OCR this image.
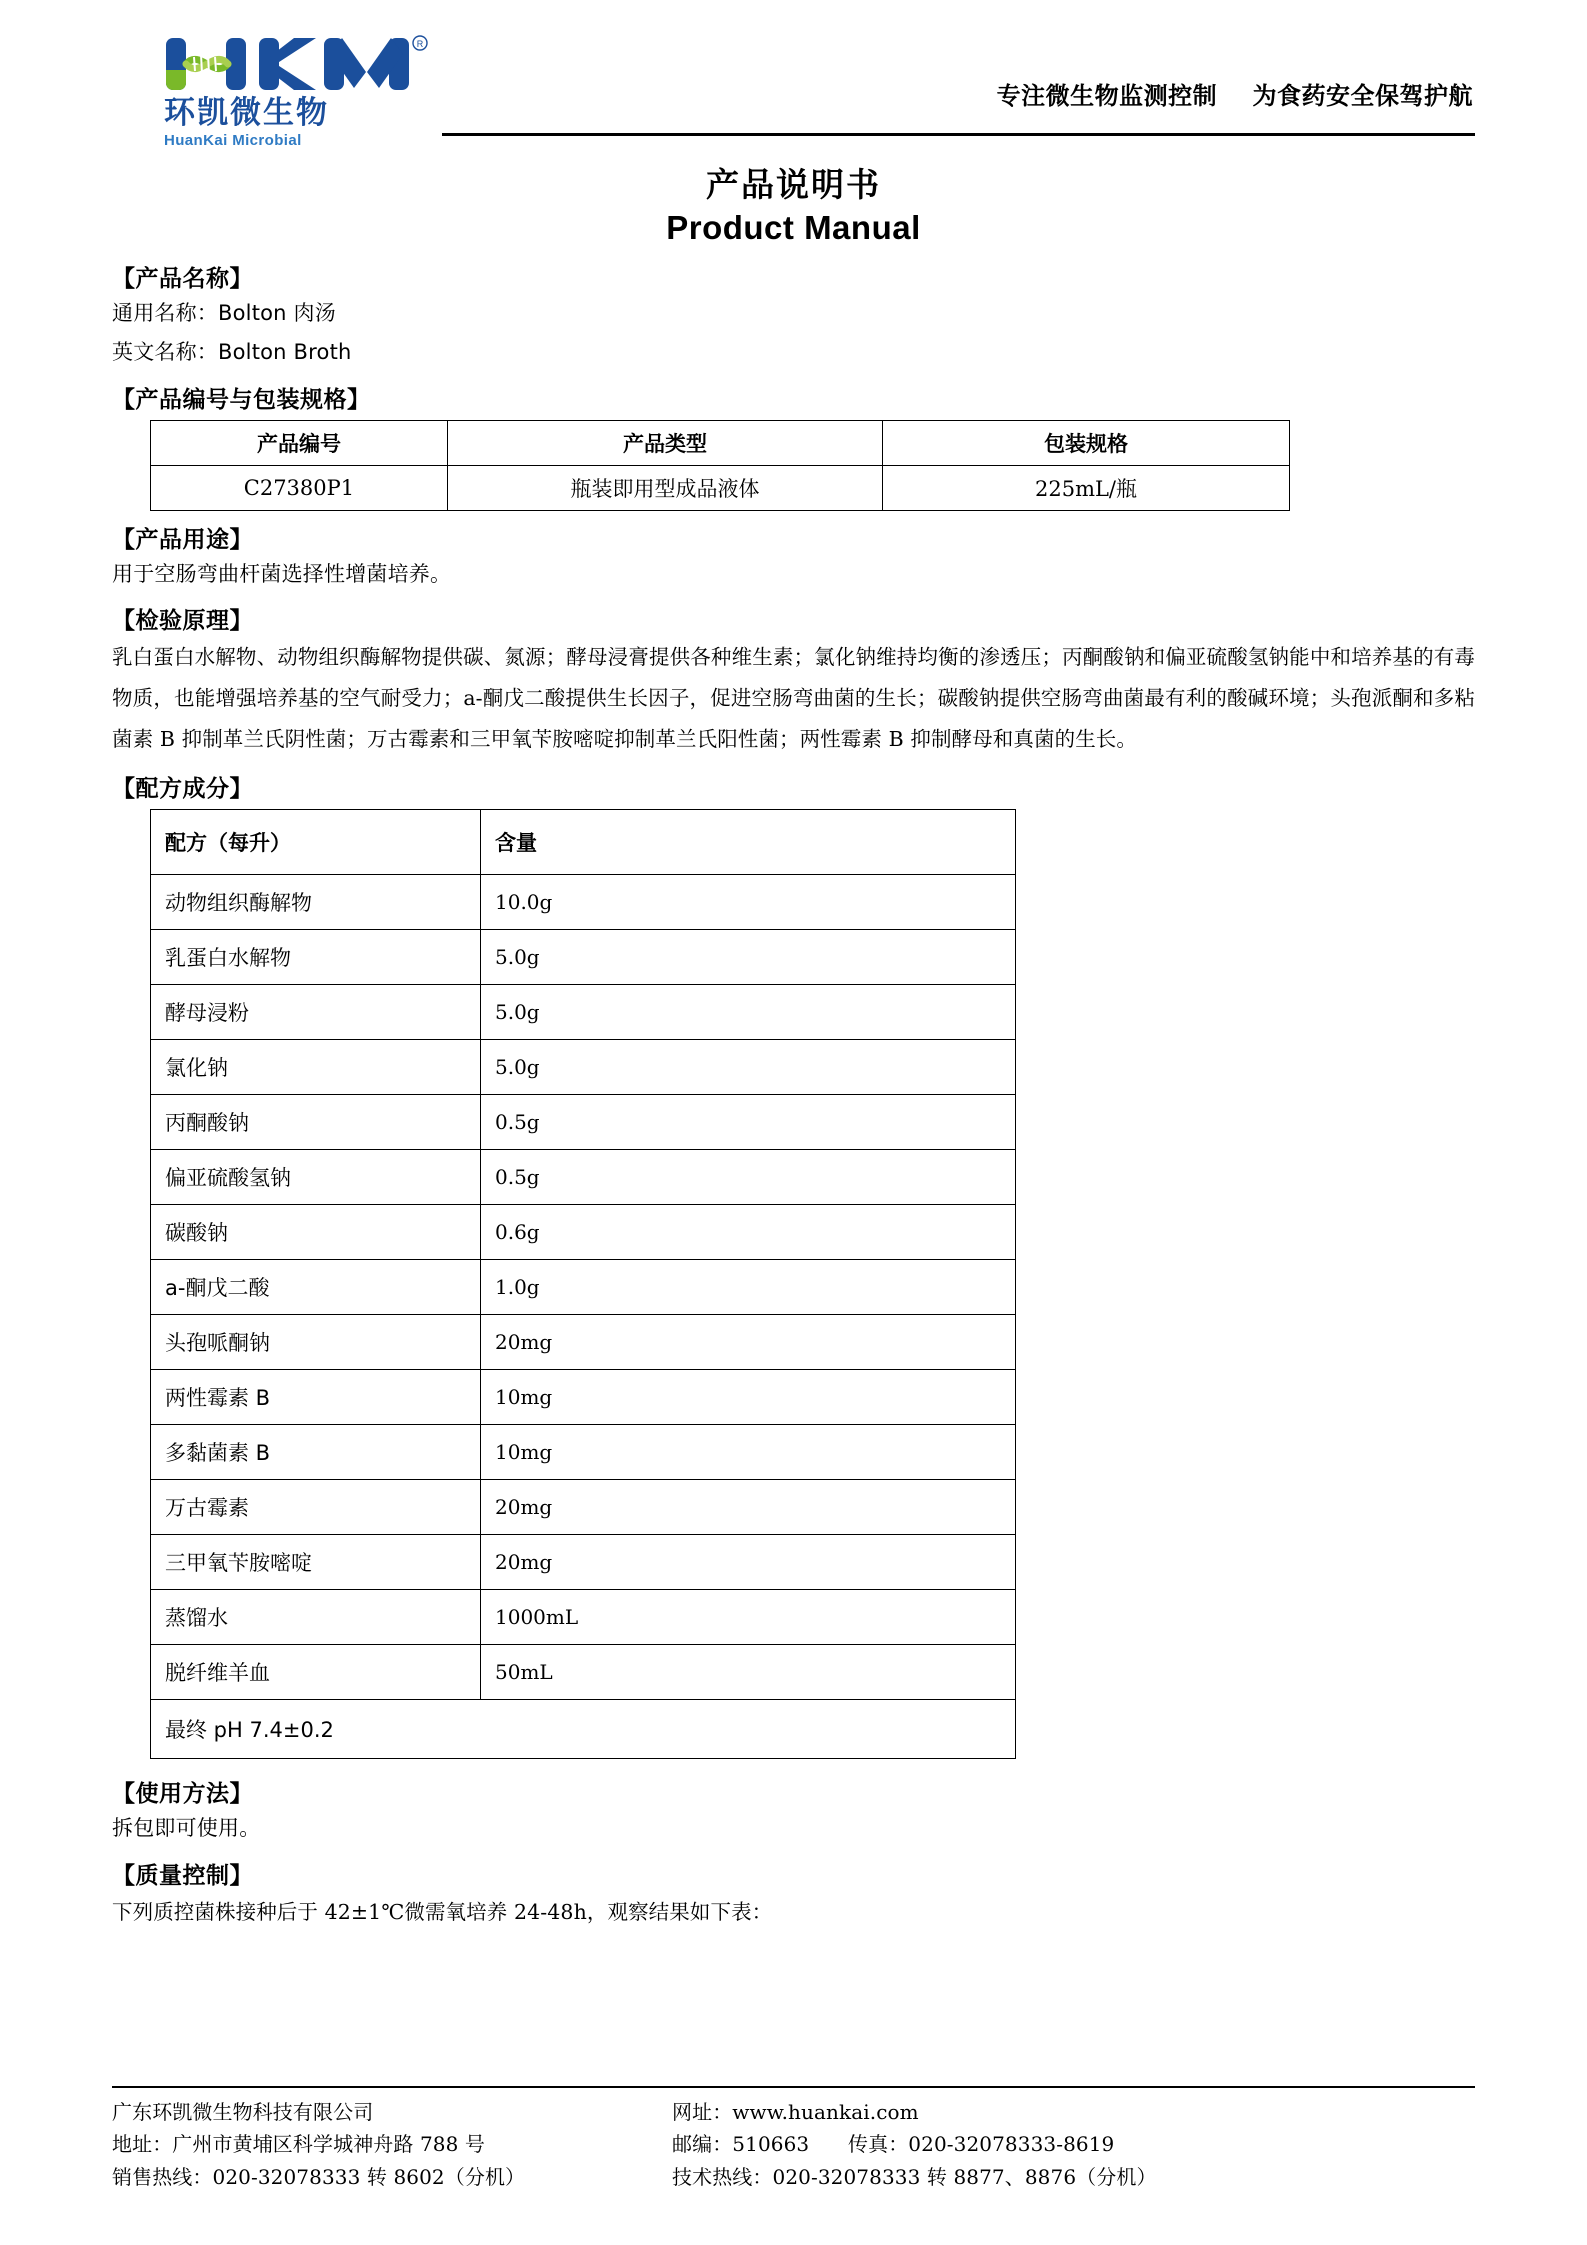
R
环凯微生物
HuanKai Microbial
专注微生物监测控制    为食药安全保驾护航
产品说明书
Product Manual
【产品名称】
通用名称：Bolton 肉汤
英文名称：Bolton Broth
【产品编号与包装规格】
产品编号	产品类型	包装规格
C27380P1	瓶装即用型成品液体	225mL/瓶
【产品用途】
用于空肠弯曲杆菌选择性增菌培养。
【检验原理】
乳白蛋白水解物、动物组织酶解物提供碳、氮源；酵母浸膏提供各种维生素；氯化钠维持均衡的渗透压；丙酮酸钠和偏亚硫酸氢钠能中和培养基的有毒物质，也能增强培养基的空气耐受力；a-酮戊二酸提供生长因子，促进空肠弯曲菌的生长；碳酸钠提供空肠弯曲菌最有利的酸碱环境；头孢派酮和多粘菌素 B 抑制革兰氏阴性菌；万古霉素和三甲氧苄胺嘧啶抑制革兰氏阳性菌；两性霉素 B 抑制酵母和真菌的生长。
【配方成分】
配方（每升）	含量
动物组织酶解物	10.0g
乳蛋白水解物	5.0g
酵母浸粉	5.0g
氯化钠	5.0g
丙酮酸钠	0.5g
偏亚硫酸氢钠	0.5g
碳酸钠	0.6g
a-酮戊二酸	1.0g
头孢哌酮钠	20mg
两性霉素 B	10mg
多黏菌素 B	10mg
万古霉素	20mg
三甲氧苄胺嘧啶	20mg
蒸馏水	1000mL
脱纤维羊血	50mL
最终 pH 7.4±0.2	
【使用方法】
拆包即可使用。
【质量控制】
下列质控菌株接种后于 42±1℃微需氧培养 24-48h，观察结果如下表：
广东环凯微生物科技有限公司
地址：广州市黄埔区科学城神舟路 788 号
销售热线：020-32078333 转 8602（分机）
网址：www.huankai.com
邮编：510663      传真：020-32078333-8619
技术热线：020-32078333 转 8877、8876（分机）
